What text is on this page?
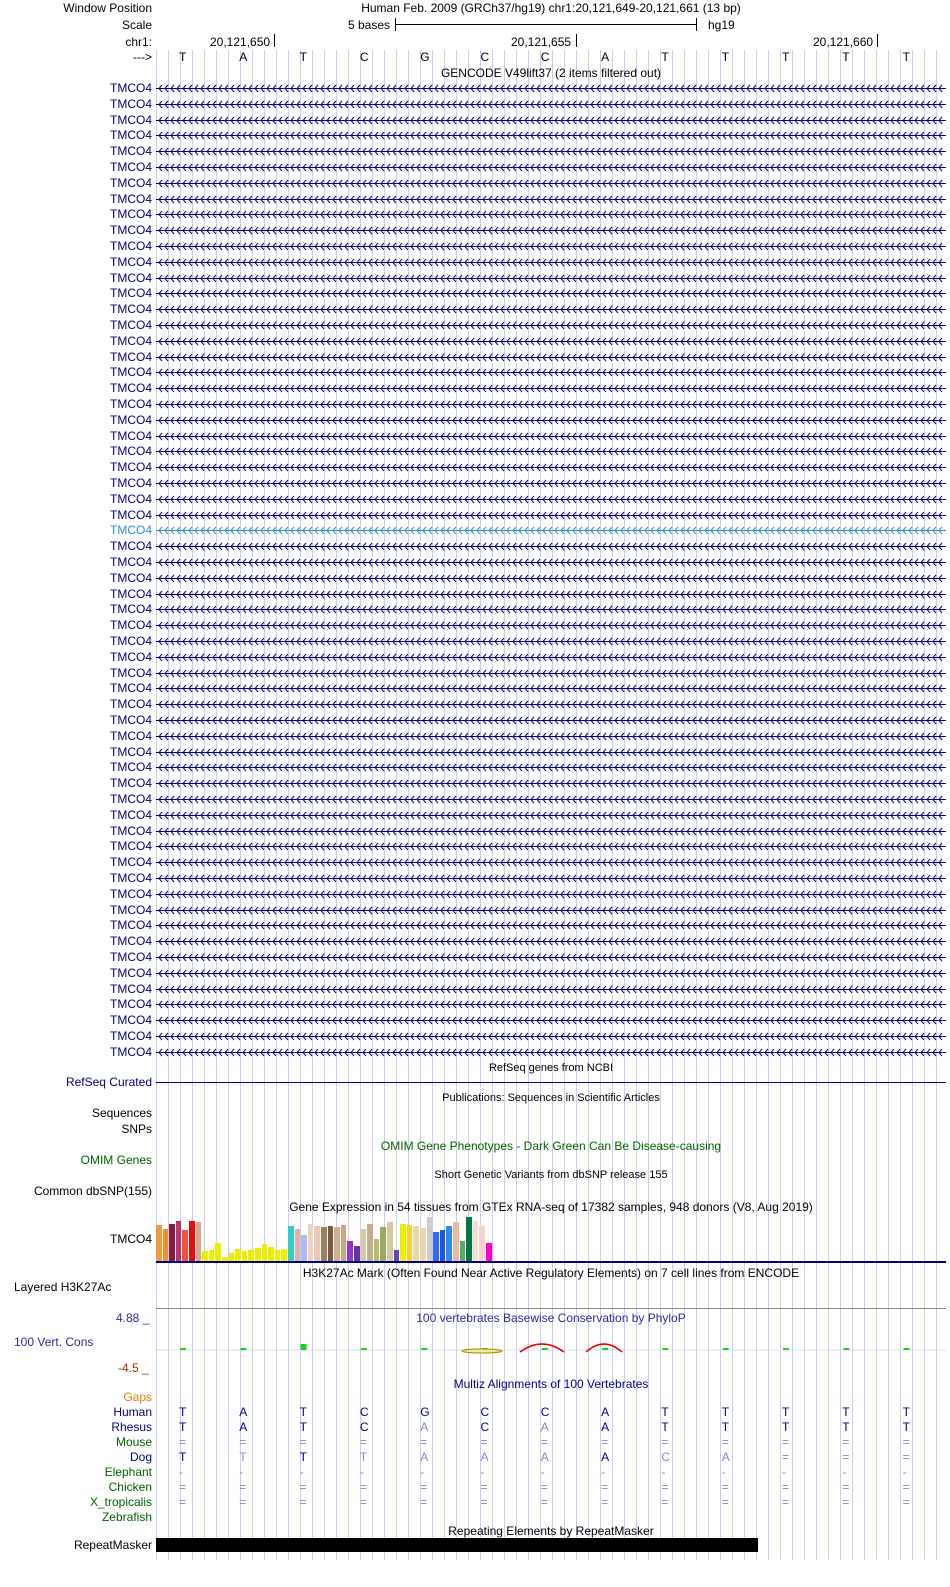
Window Position	Human Feb. 2009 (GRCh37/hg19) chr1:20,121,649-20,121,661 (13 bp)
Scale	5 bases	hg19
chr1:	20,121,650	20,121,655	20,121,660
---> T	A	T	C	G	C	C	A	T	T	T	T	T
GENCODE V49lift37 (2 items filtered out)
TMCO4
TMCO4
TMCO4
TMCO4
TMCO4
TMCO4
TMCO4
TMCO4
TMCO4
TMCO4
TMCO4
TMCO4
TMCO4
TMCO4
TMCO4
TMCO4
TMCO4
TMCO4
TMCO4
TMCO4
TMCO4
TMCO4
TMCO4
TMCO4
TMCO4
TMCO4
TMCO4
TMCO4
TMCO4
TMCO4
TMCO4
TMCO4
TMCO4
TMCO4
TMCO4
TMCO4
TMCO4
TMCO4
TMCO4
TMCO4
TMCO4
TMCO4
TMCO4
TMCO4
TMCO4
TMCO4
TMCO4
TMCO4
TMCO4
TMCO4
TMCO4
TMCO4
TMCO4
TMCO4
TMCO4
TMCO4
TMCO4
TMCO4
TMCO4
TMCO4
TMCO4
TMCO4
RefSeq genes from NCBI
RefSeq Curated
Publications: Sequences in Scientific Articles
Sequences
SNPs
OMIM Gene Phenotypes - Dark Green Can Be Disease-causing
OMIM Genes
Short Genetic Variants from dbSNP release 155
Common dbSNP(155)
Gene Expression in 54 tissues from GTEx RNA-seq of 17382 samples, 948 donors (V8, Aug 2019)
TMCO4
H3K27Ac Mark (Often Found Near Active Regulatory Elements) on 7 cell lines from ENCODE
Layered H3K27Ac
100 vertebrates Basewise Conservation by PhyloP
4.88 _
100 Vert. Cons
-4.5 _
Multiz Alignments of 100 Vertebrates
Gaps
Human T	A	T	C	G	C	C	A	T	T	T	T	T
Rhesus T	A	T	C	A	C	A	A	T	T	T	T	T
Mouse =	=	=	=	=	=	=	=	=	=	=	=	=
Dog T	T	T	T	A	A	A	A	C	A	=	=	=
Elephant -	-	-	-	-	-	-	-	-	-	-	-	-
Chicken =	=	=	=	=	=	=	=	=	=	=	=	=
X_tropicalis =	=	=	=	=	=	=	=	=	=	=	=	=
Zebrafish
Repeating Elements by RepeatMasker
RepeatMasker
